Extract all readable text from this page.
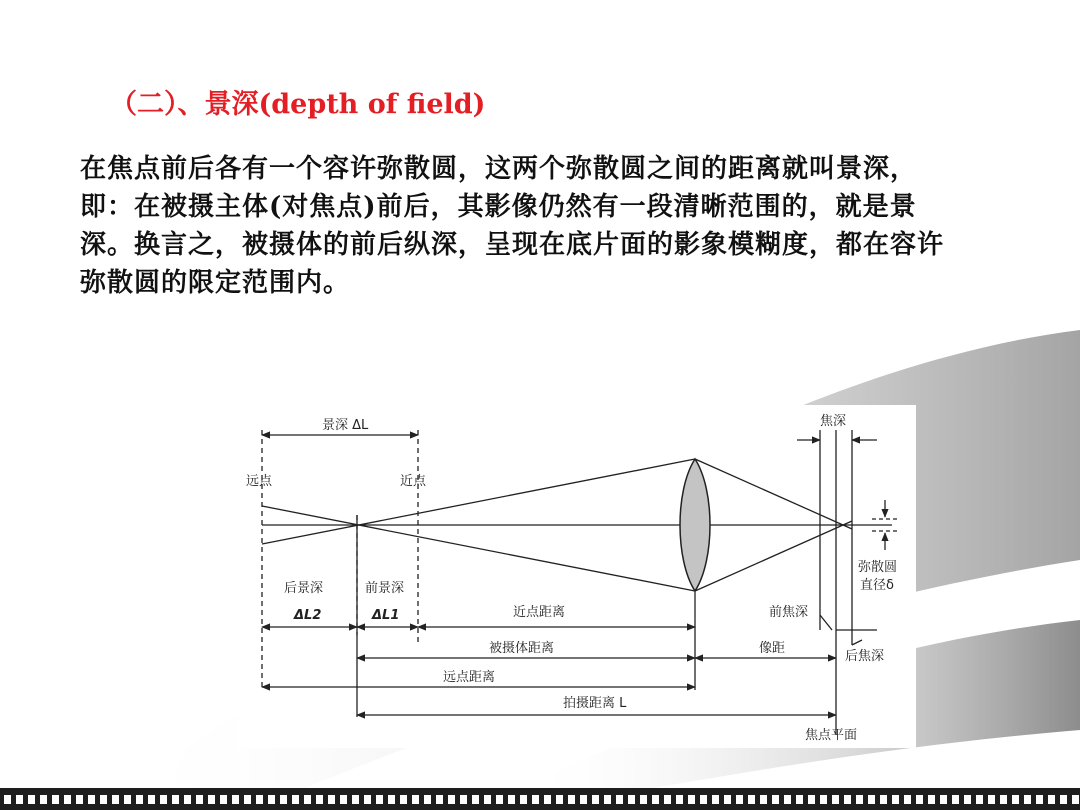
（二）、景深(depth of field)

在焦点前后各有一个容许弥散圆，这两个弥散圆之间的距离就叫景深，即：在被摄主体(对焦点)前后，其影像仍然有一段清晰范围的，就是景深。换言之，被摄体的前后纵深，呈现在底片面的影象模糊度，都在容许弥散圆的限定范围内。

景深 ΔL	焦深
远点	近点
弥散圆
直径δ
后景深	前景深
ΔL2	ΔL1	近点距离	前焦深
被摄体距离	像距
后焦深
远点距离
拍摄距离 L
焦点平面
